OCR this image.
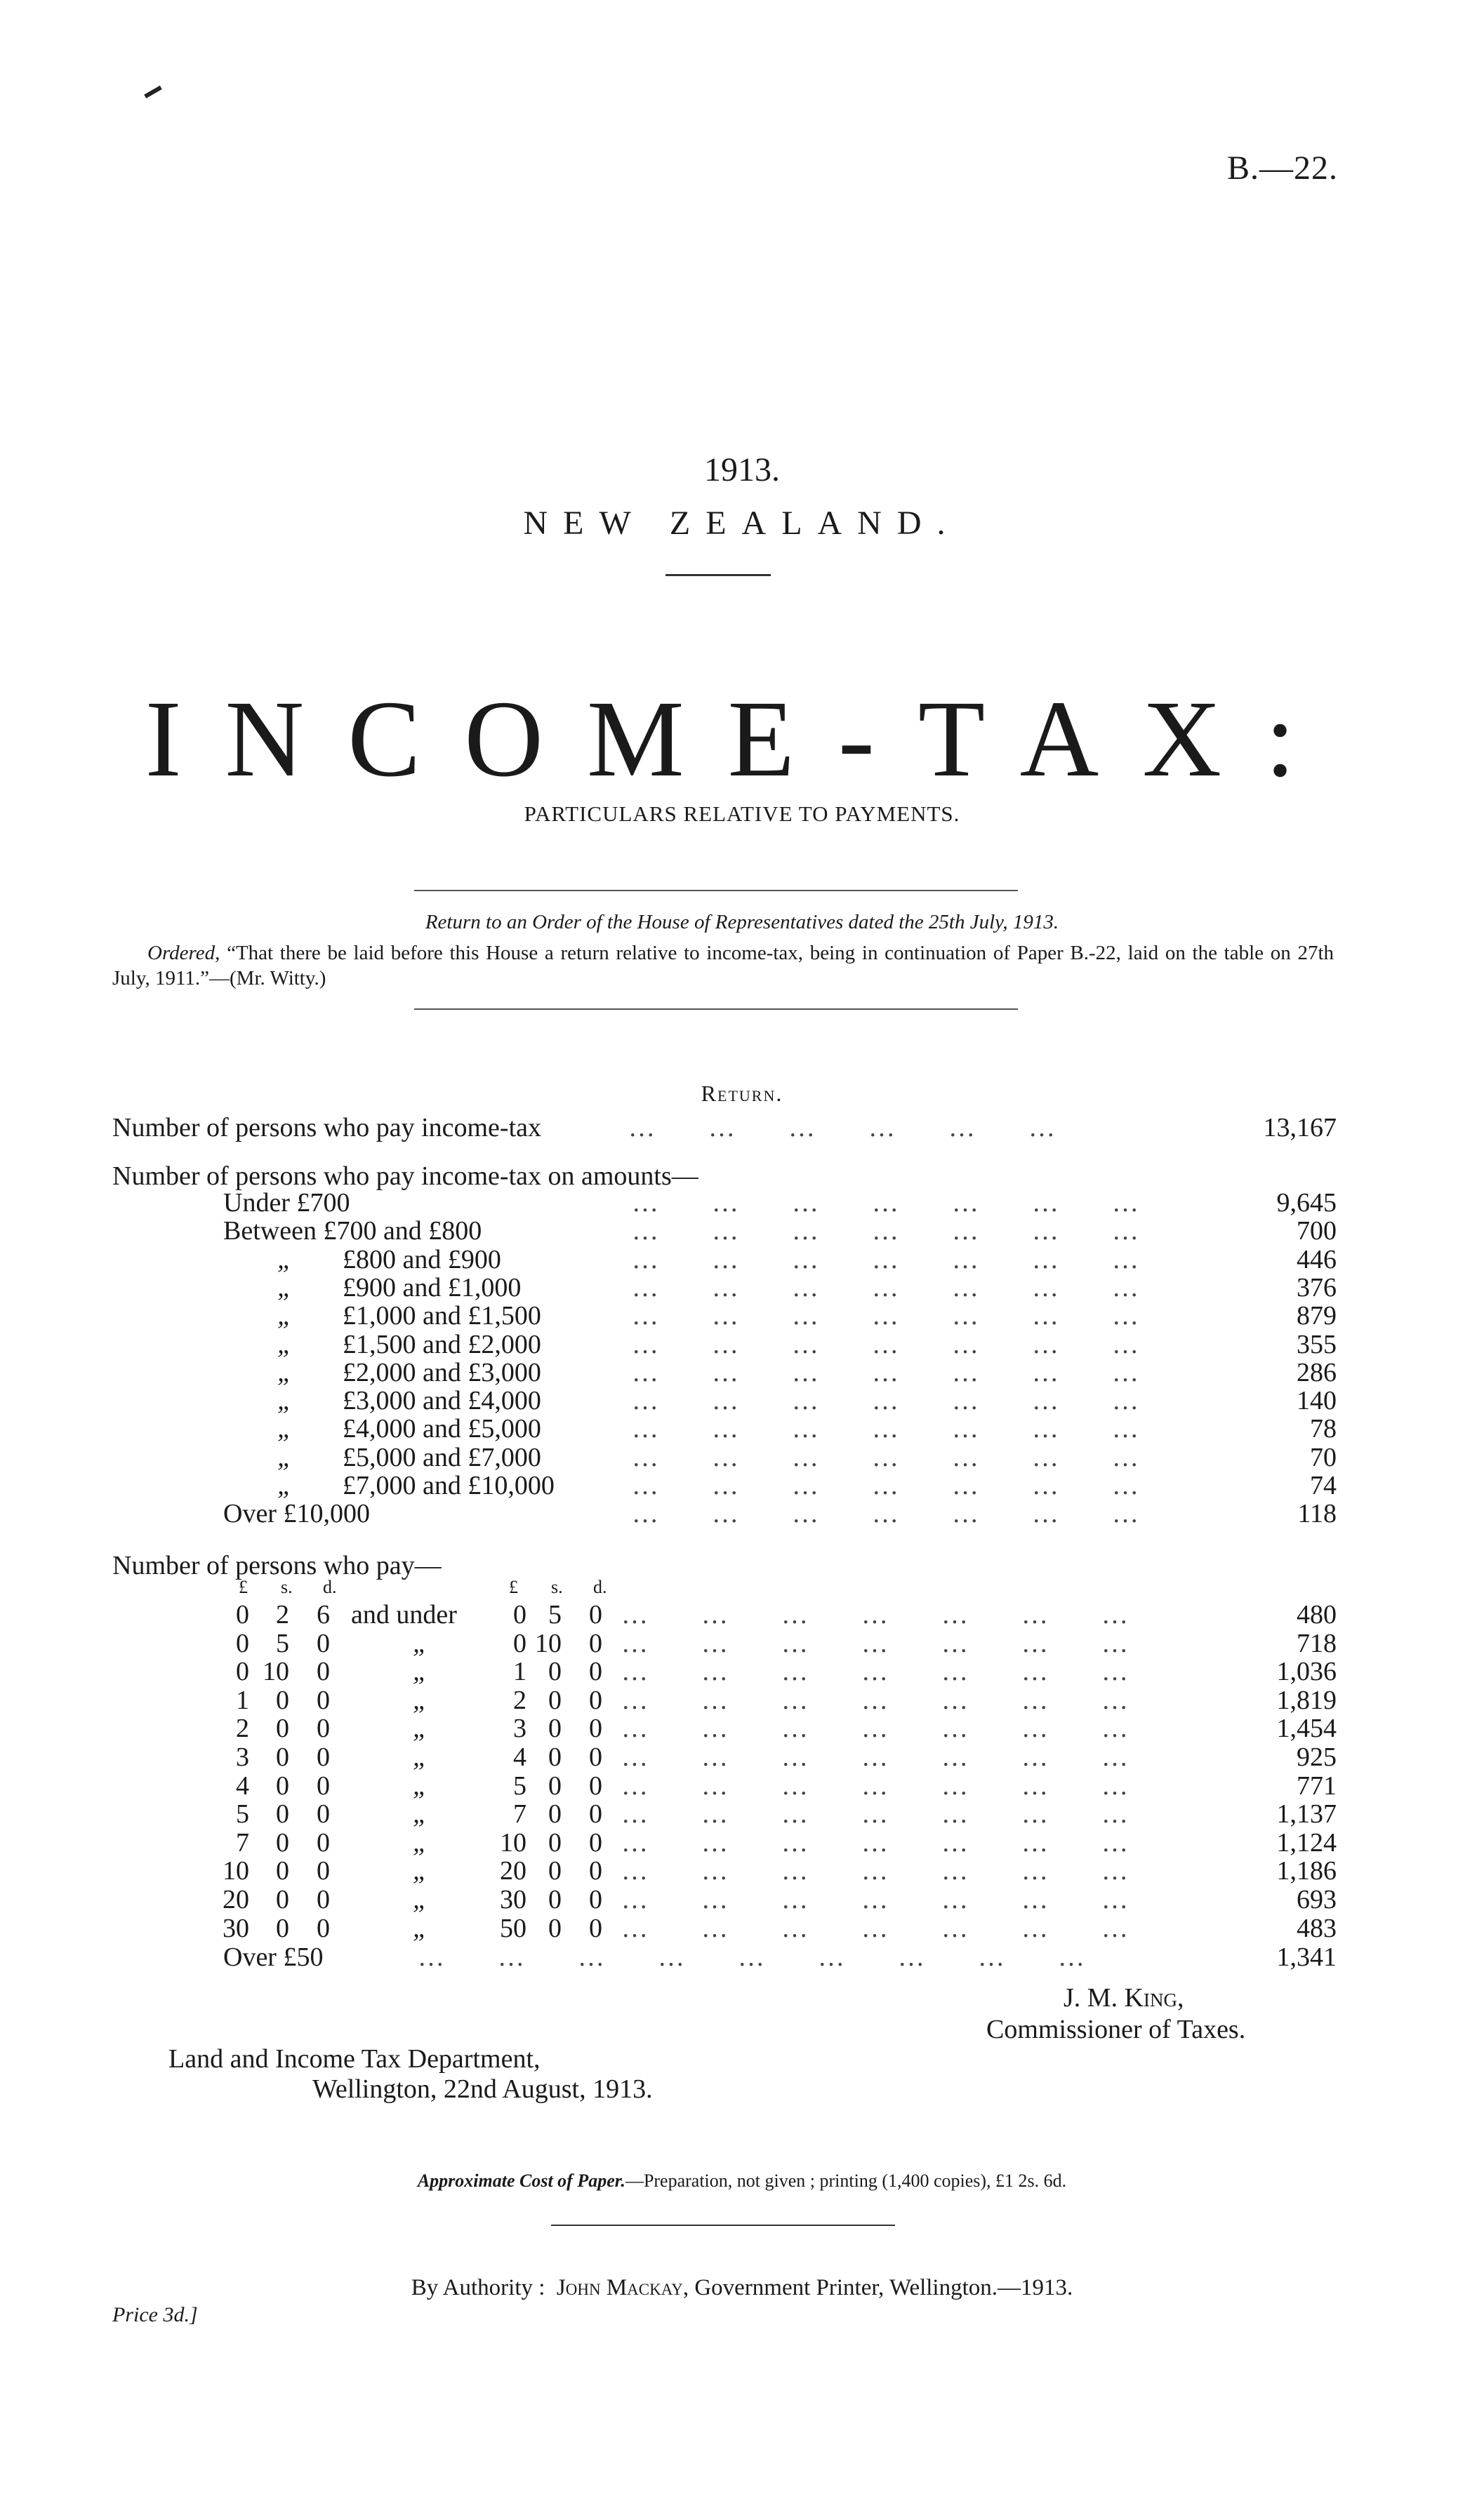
B.—22.
1913.
NEW ZEALAND.
INCOME-TAX:
PARTICULARS RELATIVE TO PAYMENTS.
Return to an Order of the House of Representatives dated the 25th July, 1913.
Ordered, “That there be laid before this House a return relative to income-tax, being in continuation of Paper B.-22, laid on the table on 27th July, 1911.”—(Mr. Witty.)
Return.
Number of persons who pay income-tax	…        …        …        …        …        …	13,167
Number of persons who pay income-tax on amounts—
Under £700	…        …        …        …        …        …        …	9,645
Between £700 and £800	…        …        …        …        …        …        …	700
„ £800 and £900	…        …        …        …        …        …        …	446
„ £900 and £1,000	…        …        …        …        …        …        …	376
„ £1,000 and £1,500	…        …        …        …        …        …        …	879
„ £1,500 and £2,000	…        …        …        …        …        …        …	355
„ £2,000 and £3,000	…        …        …        …        …        …        …	286
„ £3,000 and £4,000	…        …        …        …        …        …        …	140
„ £4,000 and £5,000	…        …        …        …        …        …        …	78
„ £5,000 and £7,000	…        …        …        …        …        …        …	70
„ £7,000 and £10,000	…        …        …        …        …        …        …	74
Over £10,000	…        …        …        …        …        …        …	118
Number of persons who pay—
£ s. d.	£ s. d.
0 2 6 and under 0 5 0 …        …        …        …        …        …        …	480
0 5 0	„	0 10 0 …        …        …        …        …        …        …	718
0 10 0	„	1 0 0 …        …        …        …        …        …        …	1,036
1 0 0	„	2 0 0 …        …        …        …        …        …        …	1,819
2 0 0	„	3 0 0 …        …        …        …        …        …        …	1,454
3 0 0	„	4 0 0 …        …        …        …        …        …        …	925
4 0 0	„	5 0 0 …        …        …        …        …        …        …	771
5 0 0	„	7 0 0 …        …        …        …        …        …        …	1,137
7 0 0	„	10 0 0 …        …        …        …        …        …        …	1,124
10 0 0	„	20 0 0 …        …        …        …        …        …        …	1,186
20 0 0	„	30 0 0 …        …        …        …        …        …        …	693
30 0 0	„	50 0 0 …        …        …        …        …        …        …	483
Over £50	…        …        …        …        …        …        …        …        …	1,341
J. M. King,
Commissioner of Taxes.
Land and Income Tax Department,
Wellington, 22nd August, 1913.
Approximate Cost of Paper.—Preparation, not given ; printing (1,400 copies), £1 2s. 6d.
By Authority : John Mackay, Government Printer, Wellington.—1913.
Price 3d.]
